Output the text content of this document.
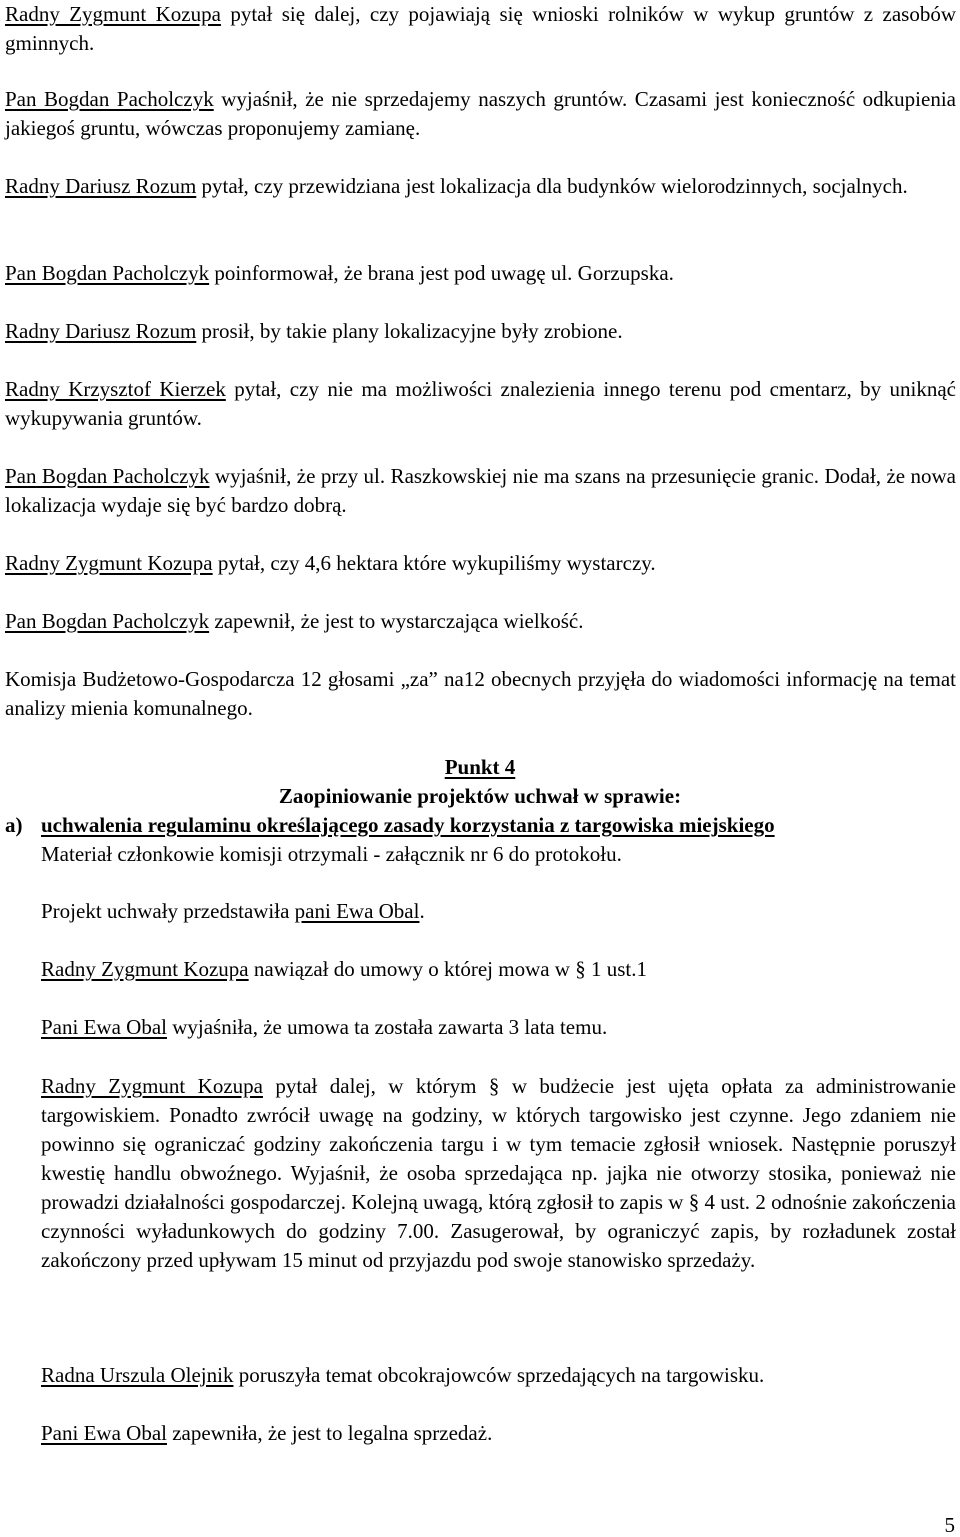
Radny Zygmunt Kozupa pytał się dalej, czy pojawiają się wnioski rolników w wykup gruntów z zasobów gminnych.

Pan Bogdan Pacholczyk wyjaśnił, że nie sprzedajemy naszych gruntów. Czasami jest konieczność odkupienia jakiegoś gruntu, wówczas proponujemy zamianę.

Radny Dariusz Rozum pytał, czy przewidziana jest lokalizacja dla budynków wielorodzinnych, socjalnych.

Pan Bogdan Pacholczyk poinformował, że brana jest pod uwagę ul. Gorzupska.

Radny Dariusz Rozum prosił, by takie plany lokalizacyjne były zrobione.

Radny Krzysztof Kierzek pytał, czy nie ma możliwości znalezienia innego terenu pod cmentarz, by uniknąć wykupywania gruntów.

Pan Bogdan Pacholczyk wyjaśnił, że przy ul. Raszkowskiej nie ma szans na przesunięcie granic. Dodał, że nowa lokalizacja wydaje się być bardzo dobrą.

Radny Zygmunt Kozupa pytał, czy 4,6 hektara które wykupiliśmy wystarczy.

Pan Bogdan Pacholczyk zapewnił, że jest to wystarczająca wielkość.

Komisja Budżetowo-Gospodarcza 12 głosami „za” na12 obecnych przyjęła do wiadomości informację na temat analizy mienia komunalnego.

Punkt 4

Zaopiniowanie projektów uchwał w sprawie:

a) uchwalenia regulaminu określającego zasady korzystania z targowiska miejskiego

Materiał członkowie komisji otrzymali - załącznik nr 6 do protokołu.

Projekt uchwały przedstawiła pani Ewa Obal.

Radny Zygmunt Kozupa nawiązał do umowy o której mowa w § 1 ust.1

Pani Ewa Obal wyjaśniła, że umowa ta została zawarta 3 lata temu.

Radny Zygmunt Kozupa pytał dalej, w którym § w budżecie jest ujęta opłata za administrowanie targowiskiem. Ponadto zwrócił uwagę na godziny, w których targowisko jest czynne. Jego zdaniem nie powinno się ograniczać godziny zakończenia targu i w tym temacie zgłosił wniosek. Następnie poruszył kwestię handlu obwoźnego. Wyjaśnił, że osoba sprzedająca np. jajka nie otworzy stosika, ponieważ nie prowadzi działalności gospodarczej. Kolejną uwagą, którą zgłosił to zapis w § 4 ust. 2 odnośnie zakończenia czynności wyładunkowych do godziny 7.00. Zasugerował, by ograniczyć zapis, by rozładunek został zakończony przed upływam 15 minut od przyjazdu pod swoje stanowisko sprzedaży.

Radna Urszula Olejnik poruszyła temat obcokrajowców sprzedających na targowisku.

Pani Ewa Obal zapewniła, że jest to legalna sprzedaż.

5
